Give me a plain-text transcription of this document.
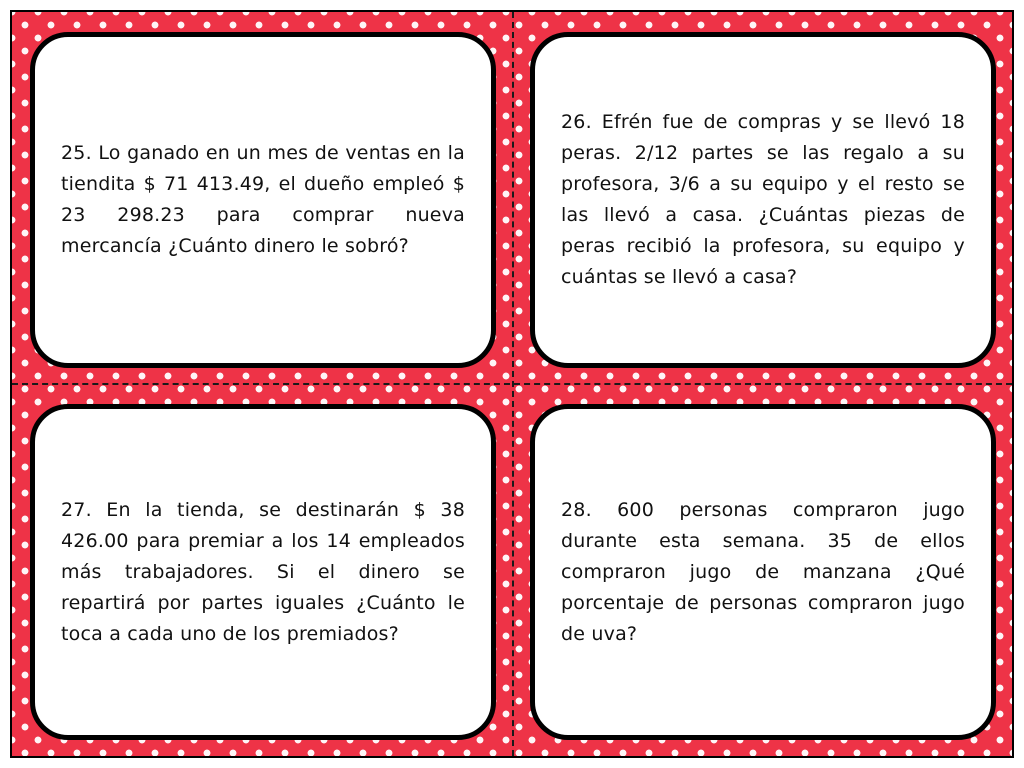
25. Lo ganado en un mes de ventas en la tiendita $ 71 413.49, el dueño empleó $ 23 298.23 para comprar nueva mercancía ¿Cuánto dinero le sobró?

26. Efrén fue de compras y se llevó 18 peras. 2/12 partes se las regalo a su profesora, 3/6 a su equipo y el resto se las llevó a casa. ¿Cuántas piezas de peras recibió la profesora, su equipo y cuántas se llevó a casa?

27. En la tienda, se destinarán $ 38 426.00 para premiar a los 14 empleados más trabajadores. Si el dinero se repartirá por partes iguales ¿Cuánto le toca a cada uno de los premiados?

28. 600 personas compraron jugo durante esta semana. 35 de ellos compraron jugo de manzana ¿Qué porcentaje de personas compraron jugo de uva?
